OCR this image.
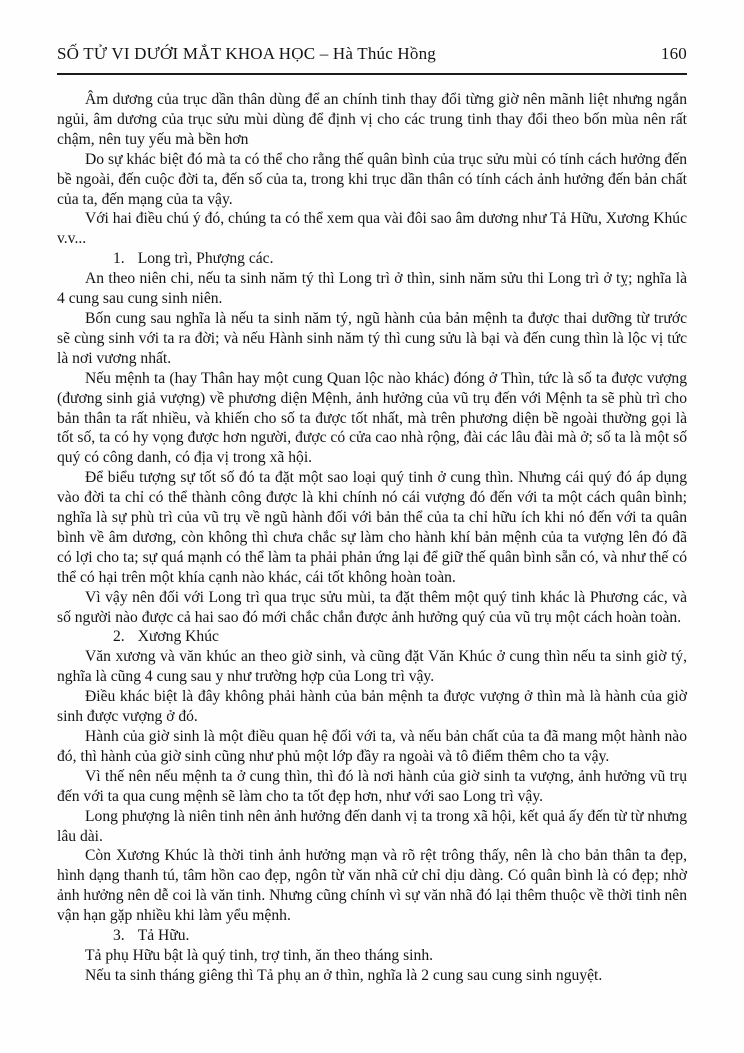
SỐ TỬ VI DƯỚI MẮT KHOA HỌC – Hà Thúc Hồng	160

Âm dương của trục dần thân dùng để an chính tinh thay đổi từng giờ nên mãnh liệt nhưng ngắn ngủi, âm dương của trục sửu mùi dùng để định vị cho các trung tinh thay đổi theo bốn mùa nên rất chậm, nên tuy yếu mà bền hơn

Do sự khác biệt đó mà ta có thể cho rằng thế quân bình của trục sửu mùi có tính cách hưởng đến bề ngoài, đến cuộc đời ta, đến số của ta, trong khi trục dần thân có tính cách ảnh hưởng đến bản chất của ta, đến mạng của ta vậy.

Với hai điều chú ý đó, chúng ta có thể xem qua vài đôi sao âm dương như Tả Hữu, Xương Khúc v.v...

1. Long trì, Phượng các.

An theo niên chi, nếu ta sinh năm tý thì Long trì ở thìn, sinh năm sửu thi Long trì ở tỵ; nghĩa là 4 cung sau cung sinh niên.

Bốn cung sau nghĩa là nếu ta sinh năm tý, ngũ hành của bản mệnh ta được thai dưỡng từ trước sẽ cùng sinh với ta ra đời; và nếu Hành sinh năm tý thì cung sửu là bại và đến cung thìn là lộc vị tức là nơi vương nhất.

Nếu mệnh ta (hay Thân hay một cung Quan lộc nào khác) đóng ở Thìn, tức là số ta được vượng (đương sinh giả vượng) về phương diện Mệnh, ảnh hưởng của vũ trụ đến với Mệnh ta sẽ phù trì cho bản thân ta rất nhiều, và khiến cho số ta được tốt nhất, mà trên phương diện bề ngoài thường gọi là tốt số, ta có hy vọng được hơn người, được có cửa cao nhà rộng, đài các lâu đài mà ở; số ta là một số quý có công danh, có địa vị trong xã hội.

Để biểu tượng sự tốt số đó ta đặt một sao loại quý tinh ở cung thìn. Nhưng cái quý đó áp dụng vào đời ta chỉ có thể thành công được là khi chính nó cái vượng đó đến với ta một cách quân bình; nghĩa là sự phù trì của vũ trụ về ngũ hành đối với bản thể của ta chỉ hữu ích khi nó đến với ta quân bình về âm dương, còn không thì chưa chắc sự làm cho hành khí bản mệnh của ta vượng lên đó đã có lợi cho ta; sự quá mạnh có thể làm ta phải phản ứng lại để giữ thế quân bình sẵn có, và như thế có thể có hại trên một khía cạnh nào khác, cái tốt không hoàn toàn.

Vì vậy nên đối với Long trì qua trục sửu mùi, ta đặt thêm một quý tinh khác là Phương các, và số người nào được cả hai sao đó mới chắc chắn được ảnh hưởng quý của vũ trụ một cách hoàn toàn.

2. Xương Khúc

Văn xương và văn khúc an theo giờ sinh, và cũng đặt Văn Khúc ở cung thìn nếu ta sinh giờ tý, nghĩa là cũng 4 cung sau y như trường hợp của Long trì vậy.

Điều khác biệt là đây không phải hành của bản mệnh ta được vượng ở thìn mà là hành của giờ sinh được vượng ở đó.

Hành của giờ sinh là một điều quan hệ đối với ta, và nếu bản chất của ta đã mang một hành nào đó, thì hành của giờ sinh cũng như phủ một lớp đầy ra ngoài và tô điểm thêm cho ta vậy.

Vì thế nên nếu mệnh ta ở cung thìn, thì đó là nơi hành của giờ sinh ta vượng, ảnh hưởng vũ trụ đến với ta qua cung mệnh sẽ làm cho ta tốt đẹp hơn, như với sao Long trì vậy.

Long phượng là niên tinh nên ảnh hưởng đến danh vị ta trong xã hội, kết quả ấy đến từ từ nhưng lâu dài.

Còn Xương Khúc là thời tinh ảnh hưởng mạn và rõ rệt trông thấy, nên là cho bản thân ta đẹp, hình dạng thanh tú, tâm hồn cao đẹp, ngôn từ văn nhã cử chỉ dịu dàng. Có quân bình là có đẹp; nhờ ảnh hưởng nên dễ coi là văn tinh. Nhưng cũng chính vì sự văn nhã đó lại thêm thuộc về thời tinh nên vận hạn gặp nhiều khi làm yểu mệnh.

3. Tả Hữu.

Tả phụ Hữu bật là quý tinh, trợ tinh, ăn theo tháng sinh.

Nếu ta sinh tháng giêng thì Tả phụ an ở thìn, nghĩa là 2 cung sau cung sinh nguyệt.
